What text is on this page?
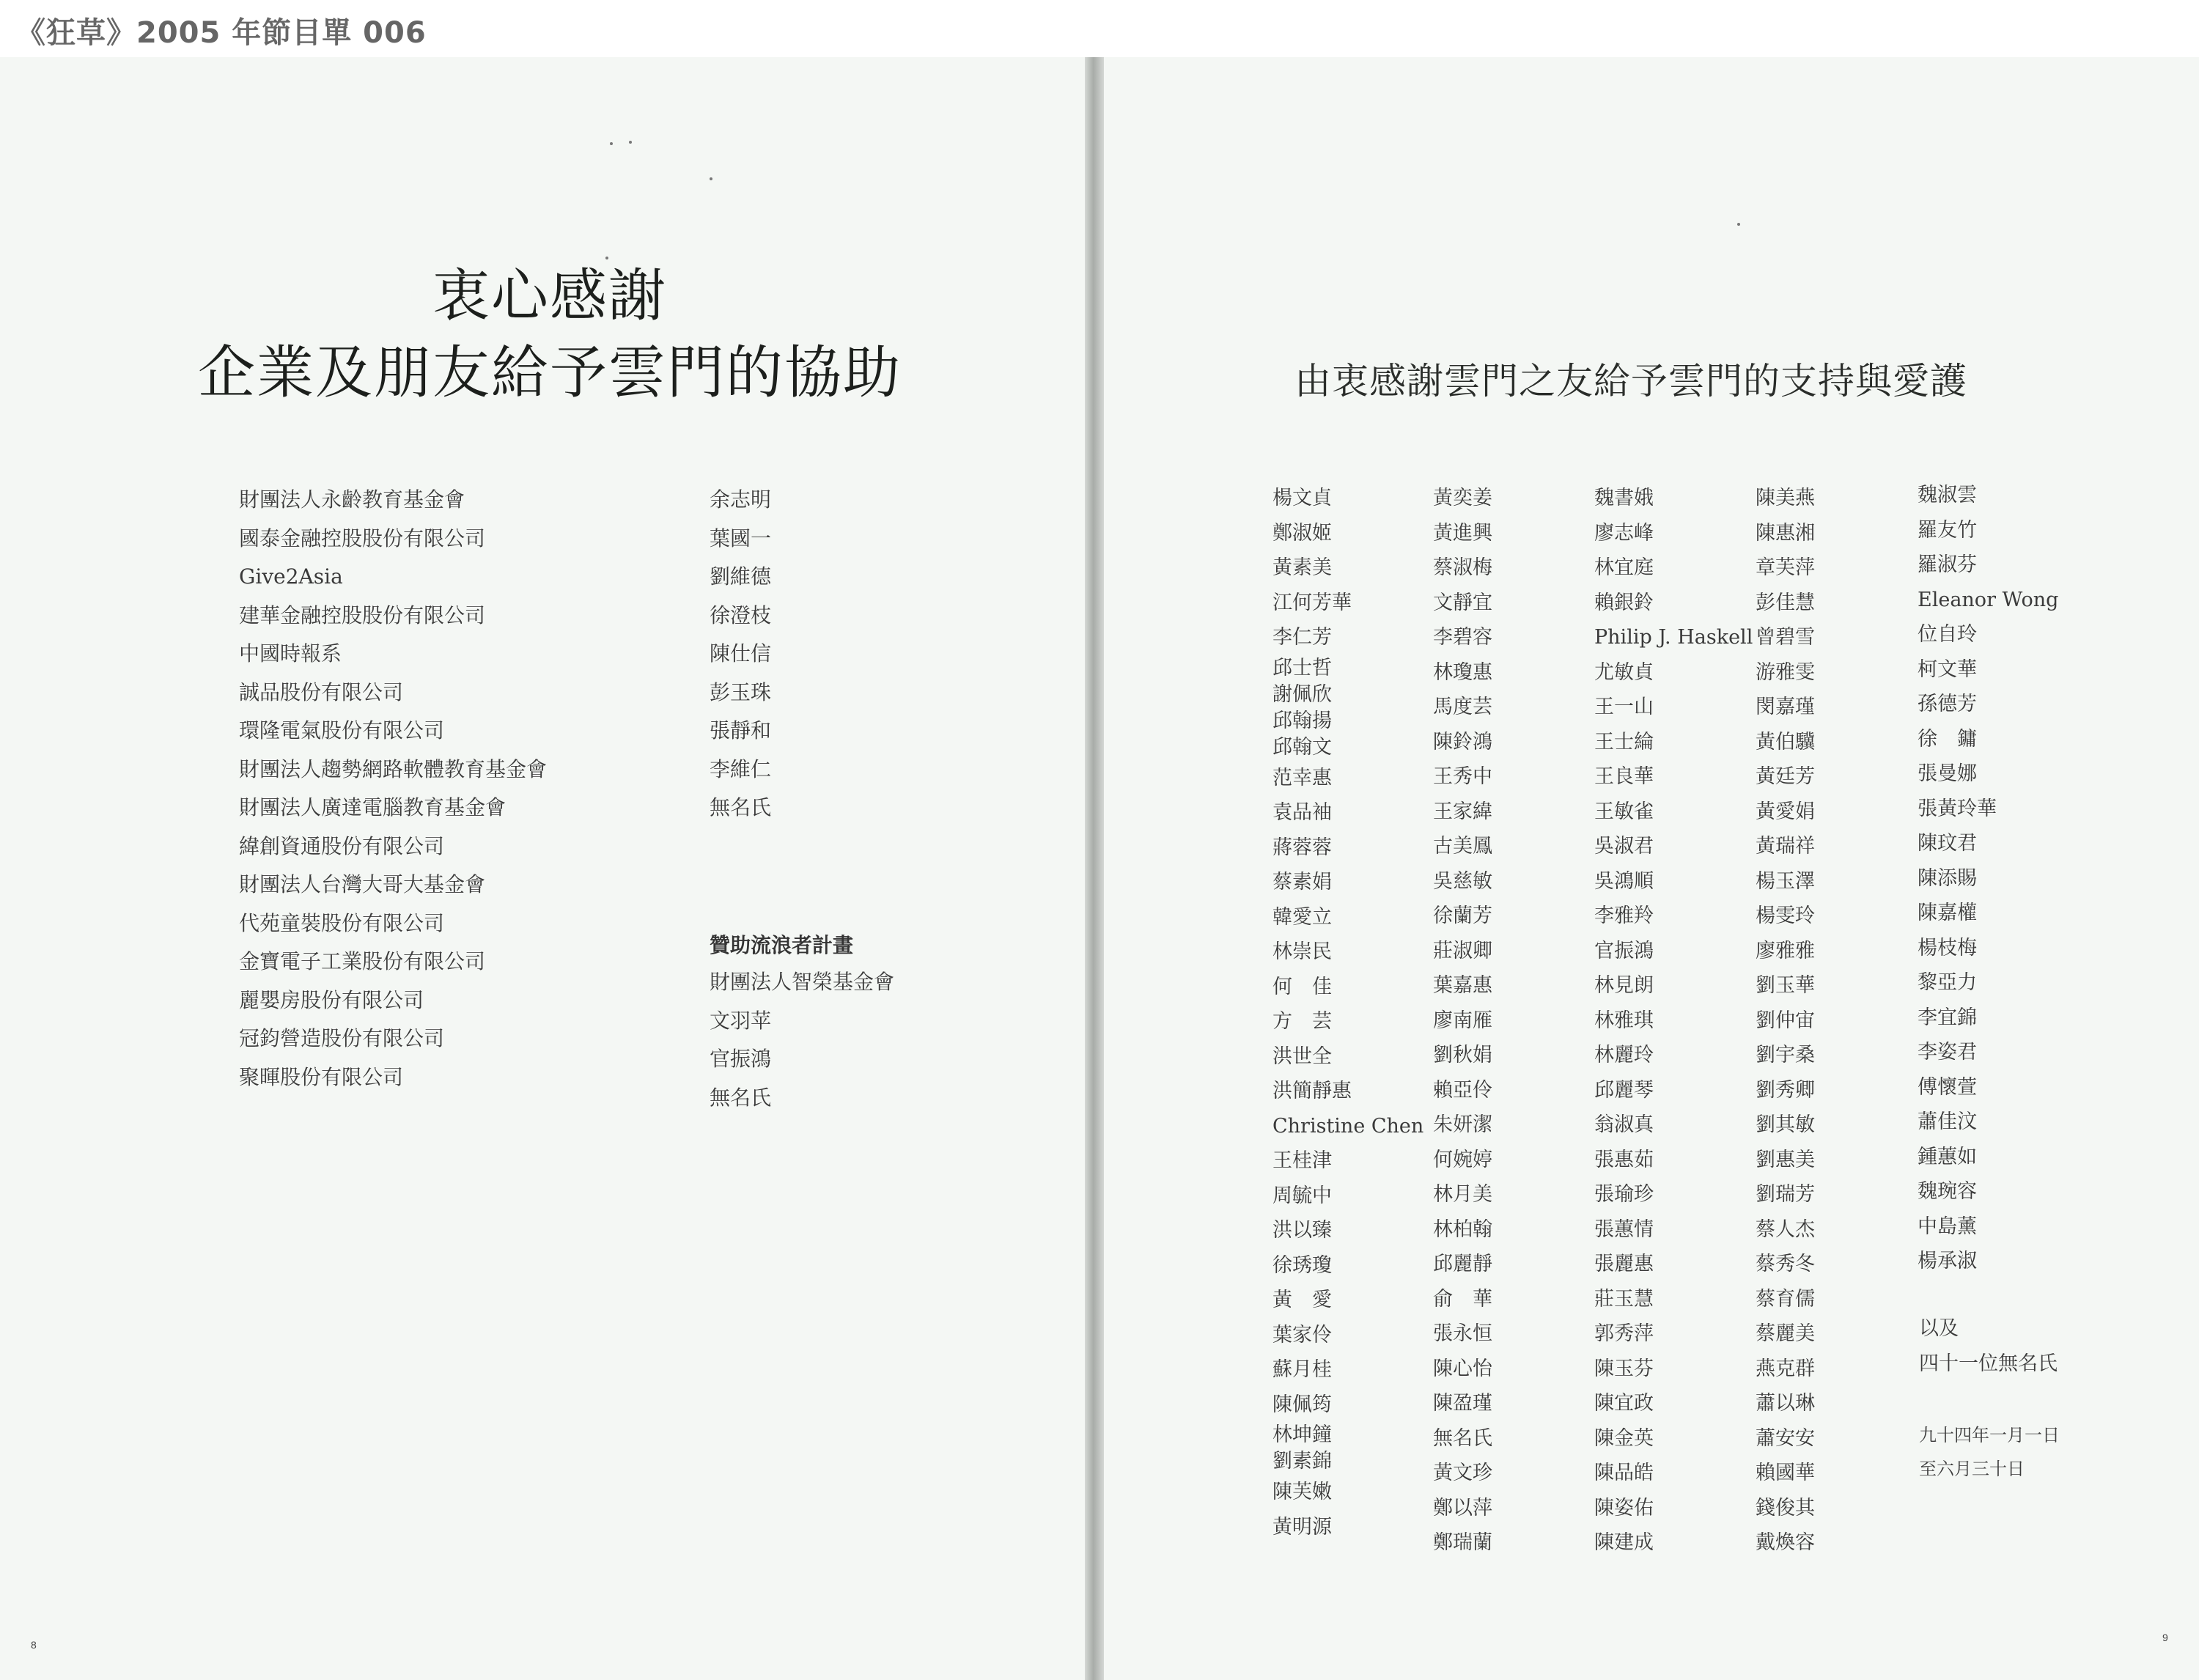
《狂草》2005 年節目單 006
衷心感謝
企業及朋友給予雲門的協助
財團法人永齡教育基金會
國泰金融控股股份有限公司
Give2Asia
建華金融控股股份有限公司
中國時報系
誠品股份有限公司
環隆電氣股份有限公司
財團法人趨勢網路軟體教育基金會
財團法人廣達電腦教育基金會
緯創資通股份有限公司
財團法人台灣大哥大基金會
代苑童裝股份有限公司
金寶電子工業股份有限公司
麗嬰房股份有限公司
冠鈞營造股份有限公司
聚暉股份有限公司
余志明
葉國一
劉維德
徐澄枝
陳仕信
彭玉珠
張靜和
李維仁
無名氏
贊助流浪者計畫
財團法人智榮基金會
文羽苹
官振鴻
無名氏
8
由衷感謝雲門之友給予雲門的支持與愛護
楊文貞
鄭淑姬
黃素美
江何芳華
李仁芳
邱士哲
謝佩欣
邱翰揚
邱翰文
范幸惠
袁品袖
蔣蓉蓉
蔡素娟
韓愛立
林崇民
何　佳
方　芸
洪世全
洪簡靜惠
Christine Chen
王桂津
周毓中
洪以臻
徐琇瓊
黃　愛
葉家伶
蘇月桂
陳佩筠
林坤鐘
劉素錦
陳芙嫩
黃明源
黃奕姜
黃進興
蔡淑梅
文靜宜
李碧容
林瓊惠
馬度芸
陳鈴鴻
王秀中
王家緯
古美鳳
吳慈敏
徐蘭芳
莊淑卿
葉嘉惠
廖南雁
劉秋娟
賴亞伶
朱妍潔
何婉婷
林月美
林柏翰
邱麗靜
俞　華
張永恒
陳心怡
陳盈瑾
無名氏
黃文珍
鄭以萍
鄭瑞蘭
魏書娥
廖志峰
林宜庭
賴銀鈴
Philip J. Haskell
尤敏貞
王一山
王士綸
王良華
王敏雀
吳淑君
吳鴻順
李雅羚
官振鴻
林見朗
林雅琪
林麗玲
邱麗琴
翁淑真
張惠茹
張瑜珍
張蕙情
張麗惠
莊玉慧
郭秀萍
陳玉芬
陳宜政
陳金英
陳品皓
陳姿佑
陳建成
陳美燕
陳惠湘
章芙萍
彭佳慧
曾碧雪
游雅雯
閔嘉瑾
黃伯驥
黃廷芳
黃愛娟
黃瑞祥
楊玉澤
楊雯玲
廖雅雅
劉玉華
劉仲宙
劉宇桑
劉秀卿
劉其敏
劉惠美
劉瑞芳
蔡人杰
蔡秀冬
蔡育儒
蔡麗美
燕克群
蕭以琳
蕭安安
賴國華
錢俊其
戴煥容
魏淑雲
羅友竹
羅淑芬
Eleanor Wong
位自玲
柯文華
孫德芳
徐　鏞
張曼娜
張黃玲華
陳玟君
陳添賜
陳嘉權
楊枝梅
黎亞力
李宜錦
李姿君
傅懷萱
蕭佳汶
鍾蕙如
魏琬容
中島薰
楊承淑
以及
四十一位無名氏
九十四年一月一日
至六月三十日
9
